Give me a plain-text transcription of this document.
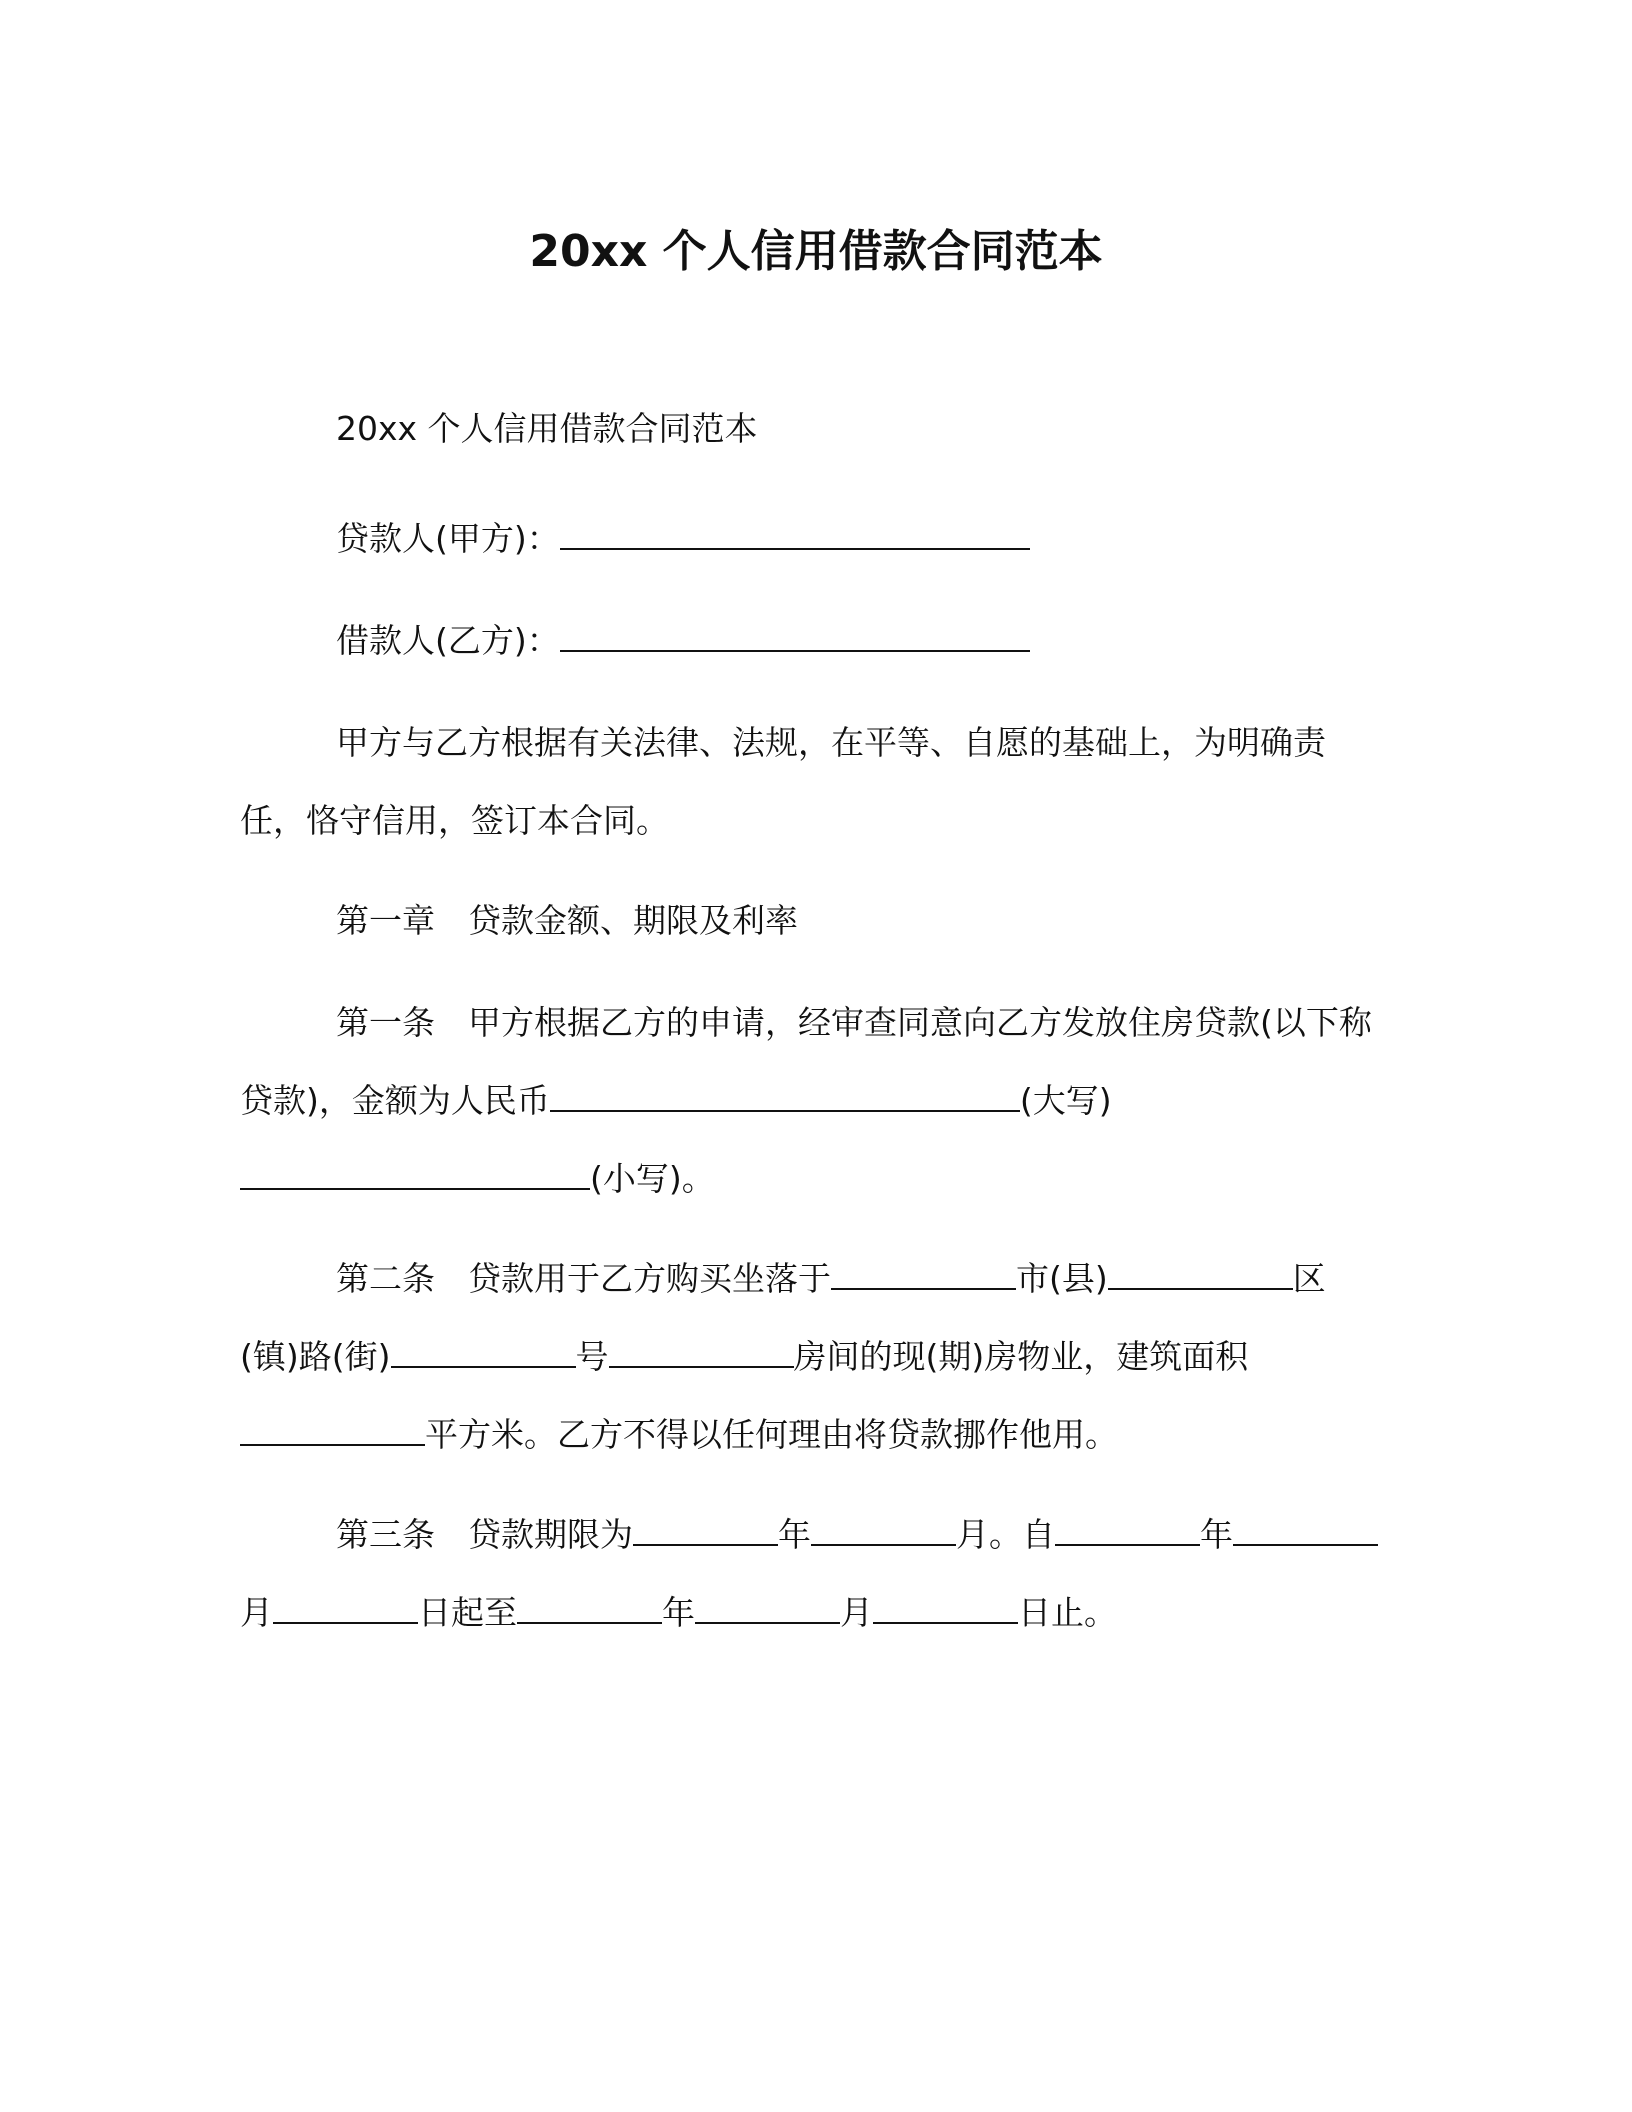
20xx 个人信用借款合同范本

20xx 个人信用借款合同范本

贷款人(甲方)：

借款人(乙方)：

甲方与乙方根据有关法律、法规，在平等、自愿的基础上，为明确责任，恪守信用，签订本合同。

第一章　贷款金额、期限及利率

第一条　甲方根据乙方的申请，经审查同意向乙方发放住房贷款(以下称贷款)，金额为人民币	(大写)(小写)。

第二条　贷款用于乙方购买坐落于	市(县)	区(镇)路(街)	号	房间的现(期)房物业，建筑面积平方米。乙方不得以任何理由将贷款挪作他用。

第三条　贷款期限为	年	月。自	年月	日起至	年	月	日止。
